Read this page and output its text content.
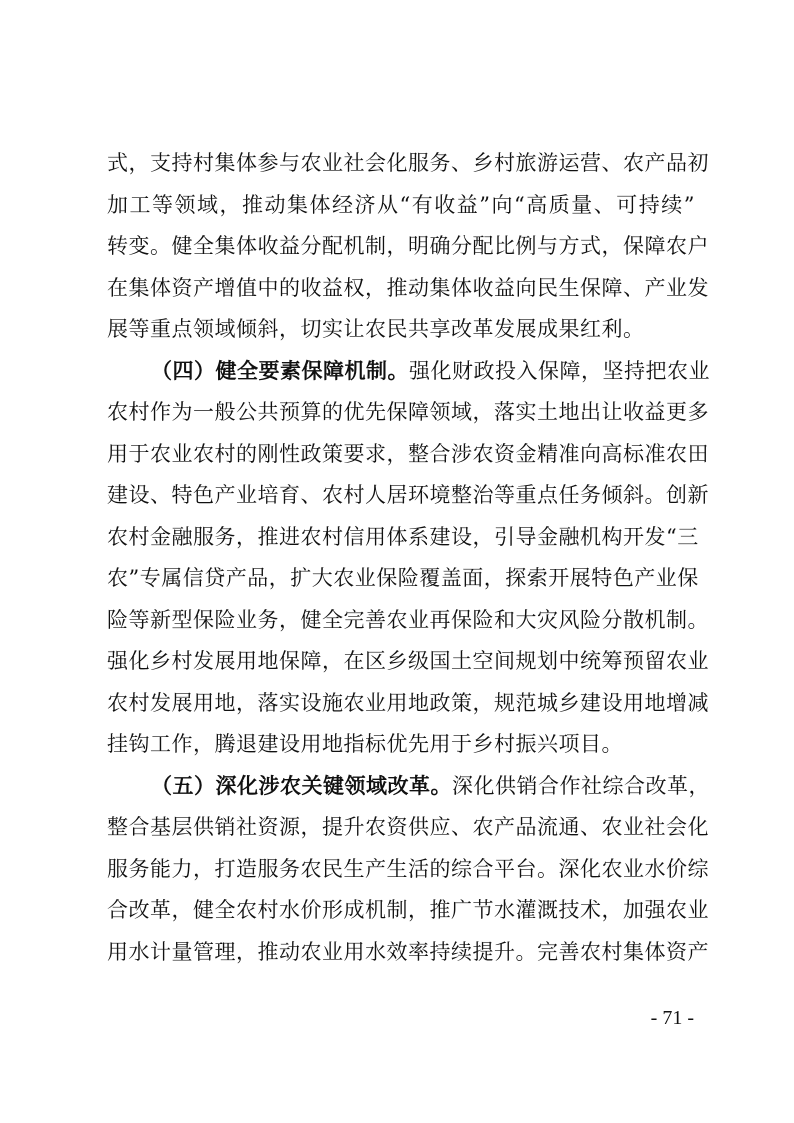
式，支持村集体参与农业社会化服务、乡村旅游运营、农产品初
加工等领域，推动集体经济从“有收益”向“高质量、可持续”
转变。健全集体收益分配机制，明确分配比例与方式，保障农户
在集体资产增值中的收益权，推动集体收益向民生保障、产业发
展等重点领域倾斜，切实让农民共享改革发展成果红利。
（四）健全要素保障机制。强化财政投入保障，坚持把农业
农村作为一般公共预算的优先保障领域，落实土地出让收益更多
用于农业农村的刚性政策要求，整合涉农资金精准向高标准农田
建设、特色产业培育、农村人居环境整治等重点任务倾斜。创新
农村金融服务，推进农村信用体系建设，引导金融机构开发“三
农”专属信贷产品，扩大农业保险覆盖面，探索开展特色产业保
险等新型保险业务，健全完善农业再保险和大灾风险分散机制。
强化乡村发展用地保障，在区乡级国土空间规划中统筹预留农业
农村发展用地，落实设施农业用地政策，规范城乡建设用地增减
挂钩工作，腾退建设用地指标优先用于乡村振兴项目。
（五）深化涉农关键领域改革。深化供销合作社综合改革，
整合基层供销社资源，提升农资供应、农产品流通、农业社会化
服务能力，打造服务农民生产生活的综合平台。深化农业水价综
合改革，健全农村水价形成机制，推广节水灌溉技术，加强农业
用水计量管理，推动农业用水效率持续提升。完善农村集体资产
- 71 -
